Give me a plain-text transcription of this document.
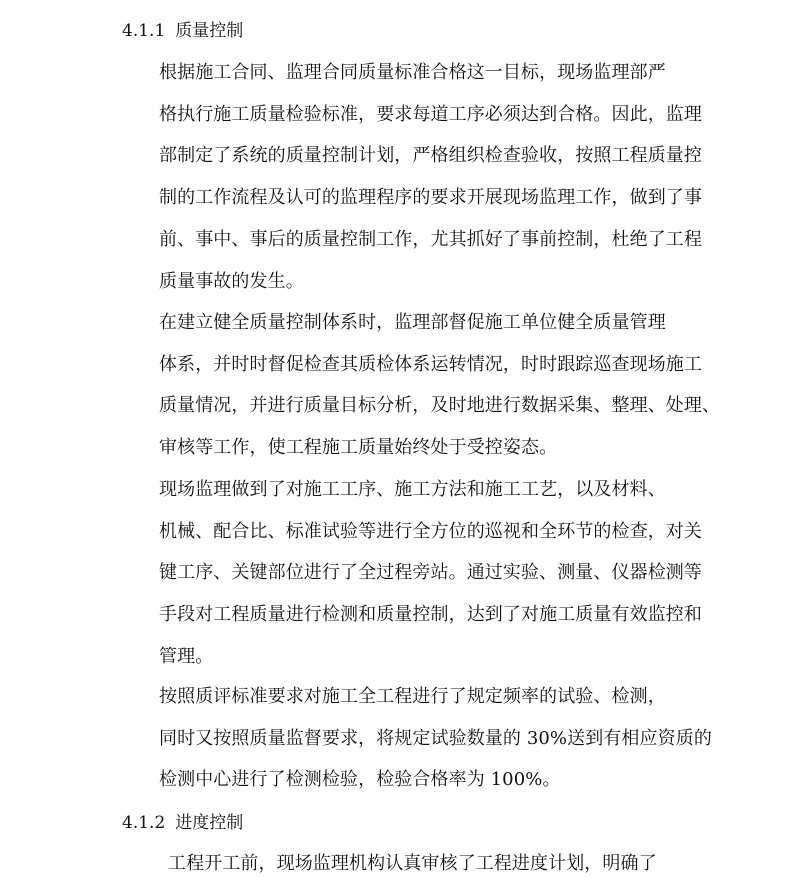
4.1.1 质量控制
根据施工合同、监理合同质量标准合格这一目标，现场监理部严
格执行施工质量检验标准，要求每道工序必须达到合格。因此，监理
部制定了系统的质量控制计划，严格组织检查验收，按照工程质量控
制的工作流程及认可的监理程序的要求开展现场监理工作，做到了事
前、事中、事后的质量控制工作，尤其抓好了事前控制，杜绝了工程
质量事故的发生。
在建立健全质量控制体系时，监理部督促施工单位健全质量管理
体系，并时时督促检查其质检体系运转情况，时时跟踪巡查现场施工
质量情况，并进行质量目标分析，及时地进行数据采集、整理、处理、
审核等工作，使工程施工质量始终处于受控姿态。
现场监理做到了对施工工序、施工方法和施工工艺，以及材料、
机械、配合比、标准试验等进行全方位的巡视和全环节的检查，对关
键工序、关键部位进行了全过程旁站。通过实验、测量、仪器检测等
手段对工程质量进行检测和质量控制，达到了对施工质量有效监控和
管理。
按照质评标准要求对施工全工程进行了规定频率的试验、检测，
同时又按照质量监督要求，将规定试验数量的 30%送到有相应资质的
检测中心进行了检测检验，检验合格率为 100%。
4.1.2 进度控制
工程开工前，现场监理机构认真审核了工程进度计划，明确了
